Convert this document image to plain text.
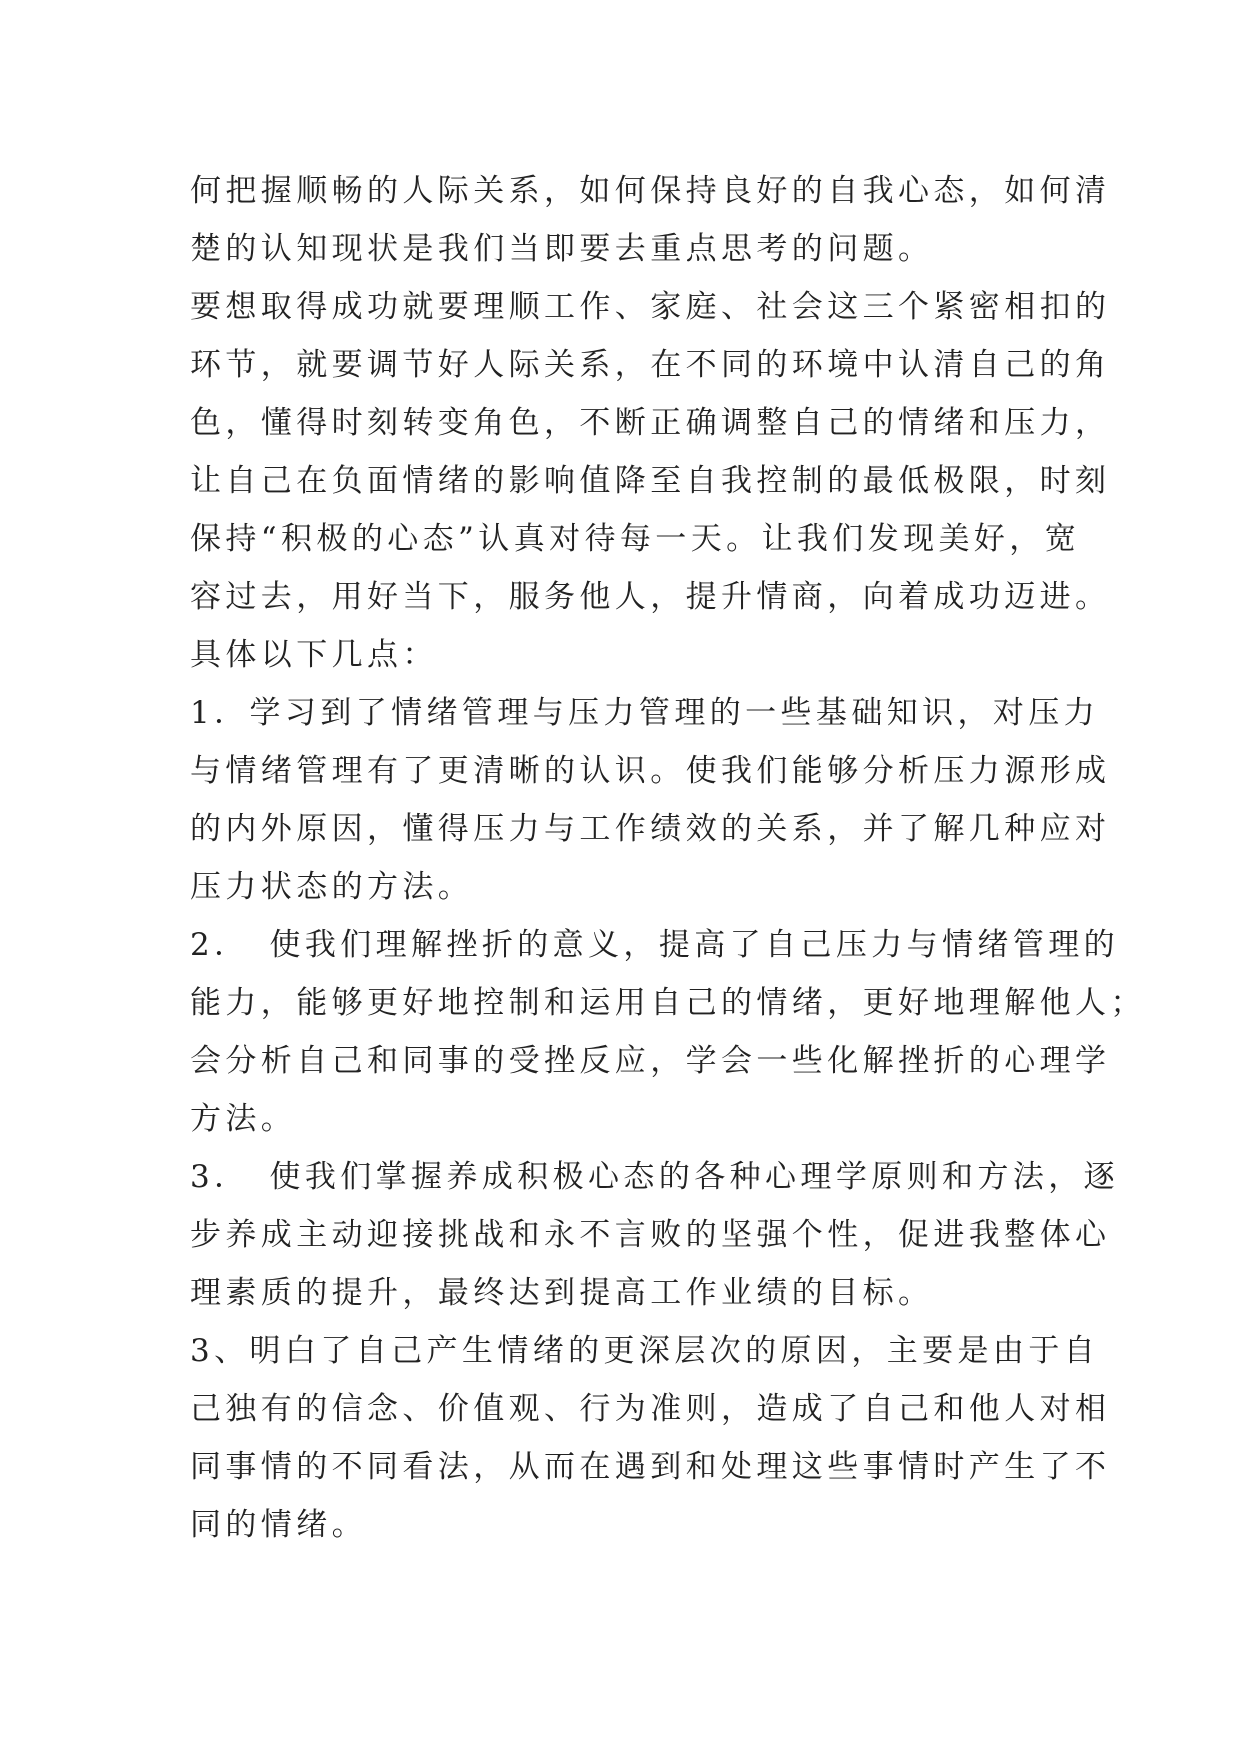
何把握顺畅的人际关系，如何保持良好的自我心态，如何清
楚的认知现状是我们当即要去重点思考的问题。
要想取得成功就要理顺工作、家庭、社会这三个紧密相扣的
环节，就要调节好人际关系，在不同的环境中认清自己的角
色，懂得时刻转变角色，不断正确调整自己的情绪和压力，
让自己在负面情绪的影响值降至自我控制的最低极限，时刻
保持“积极的心态”认真对待每一天。让我们发现美好，宽
容过去，用好当下，服务他人，提升情商，向着成功迈进。
具体以下几点：
1．学习到了情绪管理与压力管理的一些基础知识，对压力
与情绪管理有了更清晰的认识。使我们能够分析压力源形成
的内外原因，懂得压力与工作绩效的关系，并了解几种应对
压力状态的方法。
2．　使我们理解挫折的意义，提高了自己压力与情绪管理的
能力，能够更好地控制和运用自己的情绪，更好地理解他人；
会分析自己和同事的受挫反应，学会一些化解挫折的心理学
方法。
3．　使我们掌握养成积极心态的各种心理学原则和方法，逐
步养成主动迎接挑战和永不言败的坚强个性，促进我整体心
理素质的提升，最终达到提高工作业绩的目标。
3、明白了自己产生情绪的更深层次的原因，主要是由于自
己独有的信念、价值观、行为准则，造成了自己和他人对相
同事情的不同看法，从而在遇到和处理这些事情时产生了不
同的情绪。
